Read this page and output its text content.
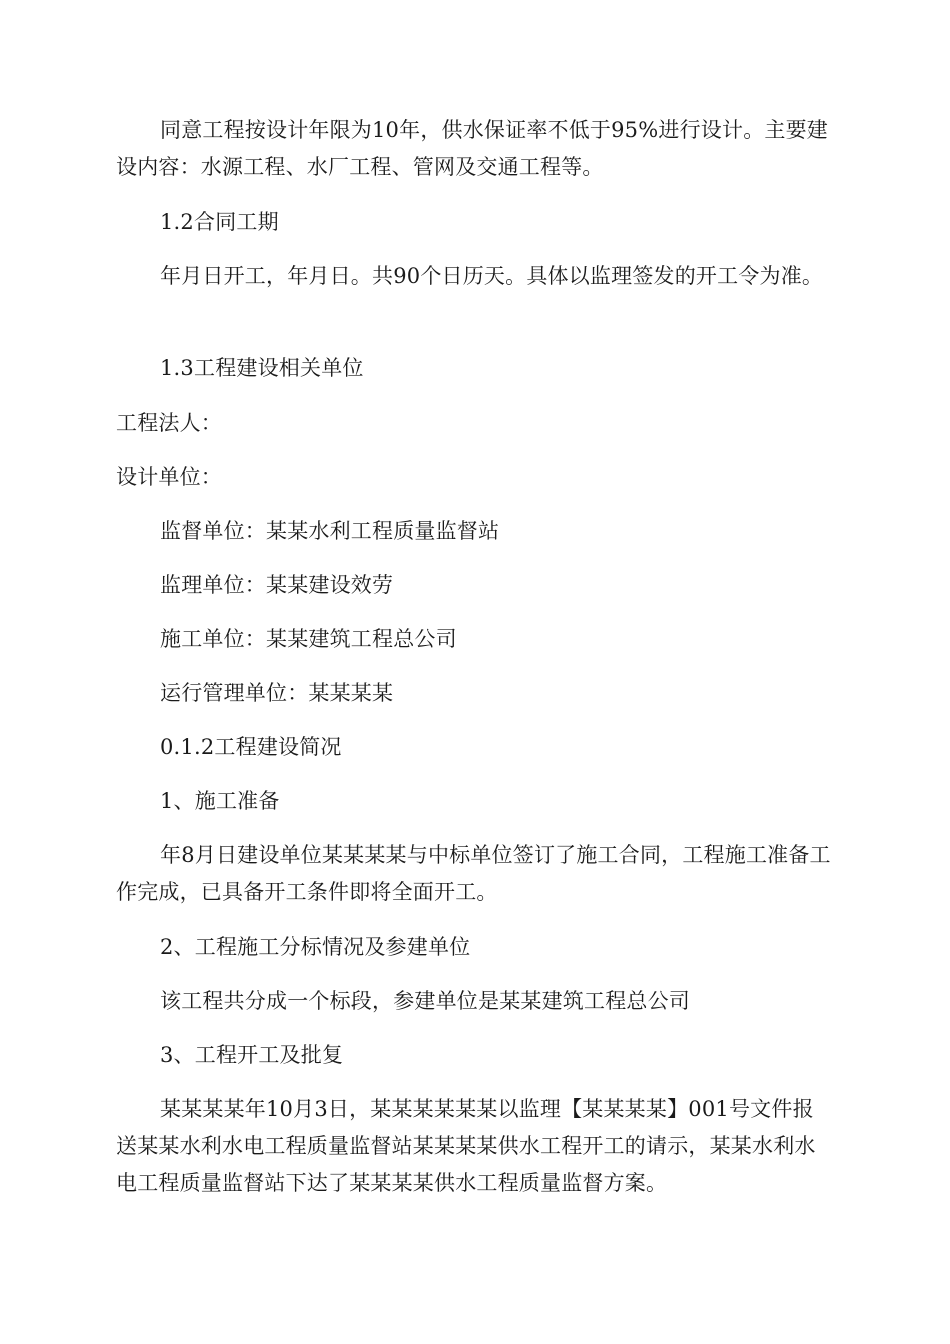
同意工程按设计年限为10年，供水保证率不低于95%进行设计。主要建设内容：水源工程、水厂工程、管网及交通工程等。

1.2合同工期

年月日开工，年月日。共90个日历天。具体以监理签发的开工令为准。

1.3工程建设相关单位

工程法人：

设计单位：

监督单位：某某水利工程质量监督站

监理单位：某某建设效劳

施工单位：某某建筑工程总公司

运行管理单位：某某某某

0.1.2工程建设简况

1、施工准备

年8月日建设单位某某某某与中标单位签订了施工合同，工程施工准备工作完成，已具备开工条件即将全面开工。

2、工程施工分标情况及参建单位

该工程共分成一个标段，参建单位是某某建筑工程总公司

3、工程开工及批复

某某某某年10月3日，某某某某某某以监理【某某某某】001号文件报送某某水利水电工程质量监督站某某某某供水工程开工的请示，某某水利水电工程质量监督站下达了某某某某供水工程质量监督方案。
